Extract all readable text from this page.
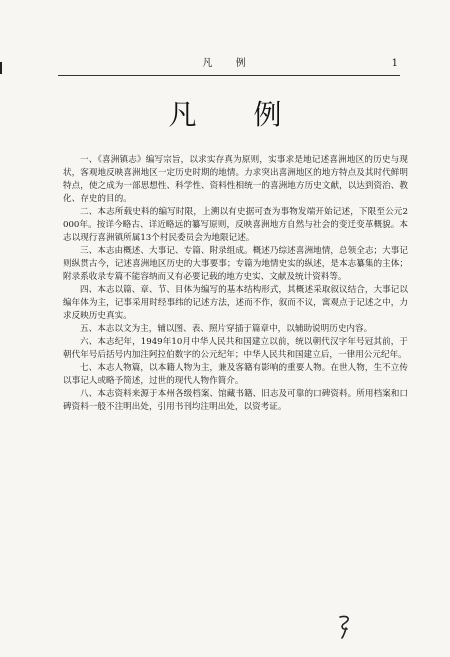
凡 例	1
凡 例

一、《喜洲镇志》编写宗旨，以求实存真为原则，实事求是地记述喜洲地区的历史与现状，客观地反映喜洲地区一定历史时期的地情。力求突出喜洲地区的地方特点及其时代鲜明特点，使之成为一部思想性、科学性、资料性相统一的喜洲地方历史文献，以达到资治、教化、存史的目的。

二、本志所载史料的编写时限，上溯以有史据可查为事物发端开始记述，下限至公元2000年。按详今略古、详近略远的纂写原则，反映喜洲地方自然与社会的变迁变革概貌。本志以现行喜洲镇所属13个村民委员会为地限记述。

三、本志由概述、大事记、专篇、附录组成。概述乃综述喜洲地情，总领全志；大事记则纵贯古今，记述喜洲地区历史的大事要事；专篇为地情史实的纵述，是本志纂集的主体；附录系收录专篇不能容纳而又有必要记载的地方史实、文献及统计资料等。

四、本志以篇、章、节、目体为编写的基本结构形式，其概述采取叙议结合，大事记以编年体为主，记事采用时经事纬的记述方法，述而不作，叙而不议，寓观点于记述之中，力求反映历史真实。

五、本志以文为主，辅以图、表、照片穿插于篇章中，以辅助说明历史内容。

六、本志纪年，1949年10月中华人民共和国建立以前，统以朝代汉字年号冠其前，于朝代年号后括号内加注阿拉伯数字的公元纪年；中华人民共和国建立后，一律用公元纪年。

七、本志人物篇，以本籍人物为主，兼及客籍有影响的重要人物。在世人物，生不立传以事记人或略予简述，过世的现代人物作简介。

八、本志资料来源于本州各级档案、馆藏书籍、旧志及可靠的口碑资料。所用档案和口碑资料一般不注明出处，引用书刊均注明出处，以资考证。
